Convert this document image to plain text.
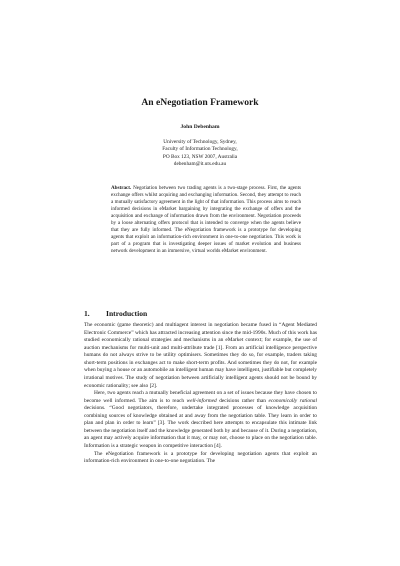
An eNegotiation Framework
John Debenham
University of Technology, Sydney,
Faculty of Information Technology,
PO Box 123, NSW 2007, Australia
debenham@it.uts.edu.au
Abstract. Negotiation between two trading agents is a two-stage process. First, the agents exchange offers whilst acquiring and exchanging information. Second, they attempt to reach a mutually satisfactory agreement in the light of that information. This process aims to reach informed decisions in eMarket bargaining by integrating the exchange of offers and the acquisition and exchange of information drawn from the environment. Negotiation proceeds by a loose alternating offers protocol that is intended to converge when the agents believe that they are fully informed. The eNegotiation framework is a prototype for developing agents that exploit an information-rich environment in one-to-one negotiation. This work is part of a program that is investigating deeper issues of market evolution and business network development in an immersive, virtual worlds eMarket environment.
1. Introduction

The economic (game theoretic) and multiagent interest in negotiation became fused in “Agent Mediated Electronic Commerce” which has attracted increasing attention since the mid-1990s. Much of this work has studied economically rational strategies and mechanisms in an eMarket context; for example, the use of auction mechanisms for multi-unit and multi-attribute trade [1]. From an artificial intelligence perspective humans do not always strive to be utility optimisers. Sometimes they do so, for example, traders taking short-term positions in exchanges act to make short-term profits. And sometimes they do not, for example when buying a house or an automobile an intelligent human may have intelligent, justifiable but completely irrational motives. The study of negotiation between artificially intelligent agents should not be bound by economic rationality; see also [2].

Here, two agents reach a mutually beneficial agreement on a set of issues because they have chosen to become well informed. The aim is to reach well-informed decisions rather than economically rational decisions. “Good negotiators, therefore, undertake integrated processes of knowledge acquisition combining sources of knowledge obtained at and away from the negotiation table. They learn in order to plan and plan in order to learn” [3]. The work described here attempts to encapsulate this intimate link between the negotiation itself and the knowledge generated both by and because of it. During a negotiation, an agent may actively acquire information that it may, or may not, choose to place on the negotiation table. Information is a strategic weapon in competitive interaction [4].

The eNegotiation framework is a prototype for developing negotiation agents that exploit an information-rich environment in one-to-one negotiation. The
